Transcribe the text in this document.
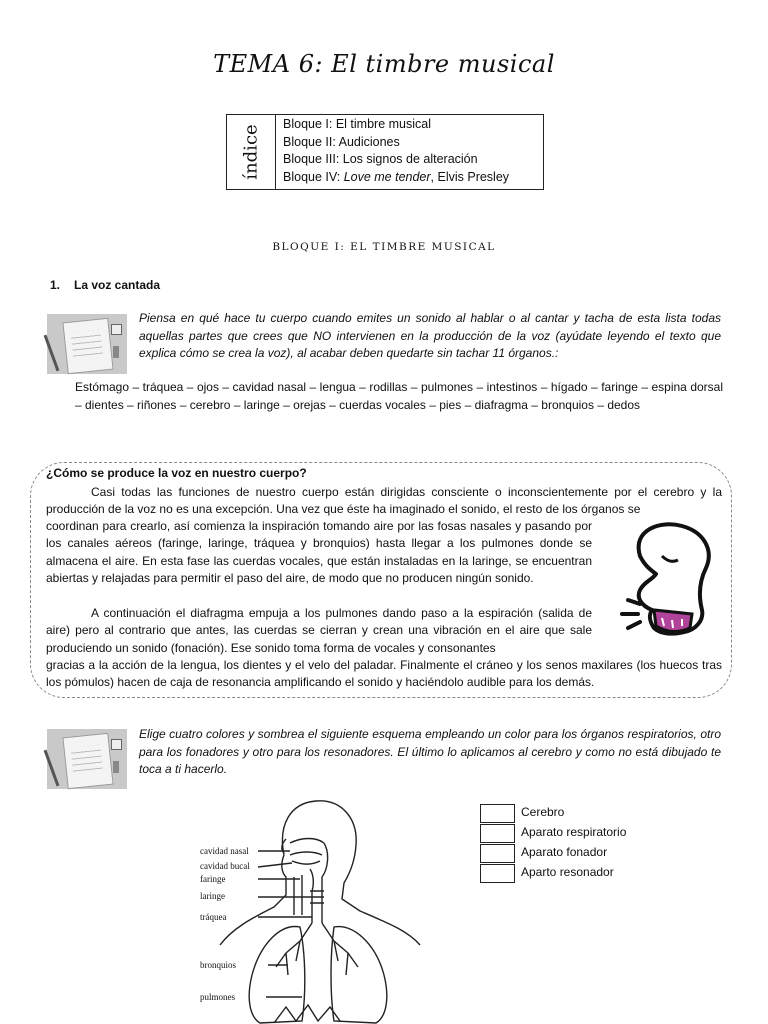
TEMA 6: El timbre musical
índice
Bloque I: El timbre musical
Bloque II: Audiciones
Bloque III: Los signos de alteración
Bloque IV: Love me tender, Elvis Presley
BLOQUE I: EL TIMBRE MUSICAL
1. La voz cantada
Piensa en qué hace tu cuerpo cuando emites un sonido al hablar o al cantar y tacha de esta lista todas aquellas partes que crees que NO intervienen en la producción de la voz (ayúdate leyendo el texto que explica cómo se crea la voz), al acabar deben quedarte sin tachar 11 órganos.:
Estómago – tráquea – ojos – cavidad nasal – lengua – rodillas – pulmones – intestinos – hígado – faringe – espina dorsal – dientes – riñones – cerebro – laringe – orejas – cuerdas vocales – pies – diafragma – bronquios – dedos
¿Cómo se produce la voz en nuestro cuerpo?
Casi todas las funciones de nuestro cuerpo están dirigidas consciente o inconscientemente por el cerebro y la producción de la voz no es una excepción. Una vez que éste ha imaginado el sonido, el resto de los órganos se
coordinan para crearlo, así comienza la inspiración tomando aire por las fosas nasales y pasando por los canales aéreos (faringe, laringe, tráquea y bronquios) hasta llegar a los pulmones donde se almacena el aire. En esta fase las cuerdas vocales, que están instaladas en la laringe, se encuentran abiertas y relajadas para permitir el paso del aire, de modo que no producen ningún sonido.
A continuación el diafragma empuja a los pulmones dando paso a la espiración (salida de aire) pero al contrario que antes, las cuerdas se cierran y crean una vibración en el aire que sale produciendo un sonido (fonación). Ese sonido toma forma de vocales y consonantes
gracias a la acción de la lengua, los dientes y el velo del paladar. Finalmente el cráneo y los senos maxilares (los huecos tras los pómulos) hacen de caja de resonancia amplificando el sonido y haciéndolo audible para los demás.
Elige cuatro colores y sombrea el siguiente esquema empleando un color para los órganos respiratorios, otro para los fonadores y otro para los resonadores. El último lo aplicamos al cerebro y como no está dibujado te toca a ti hacerlo.
Cerebro
Aparato respiratorio
Aparato fonador
Aparto resonador
cavidad nasal
cavidad bucal
faringe
laringe
tráquea
bronquios
pulmones
